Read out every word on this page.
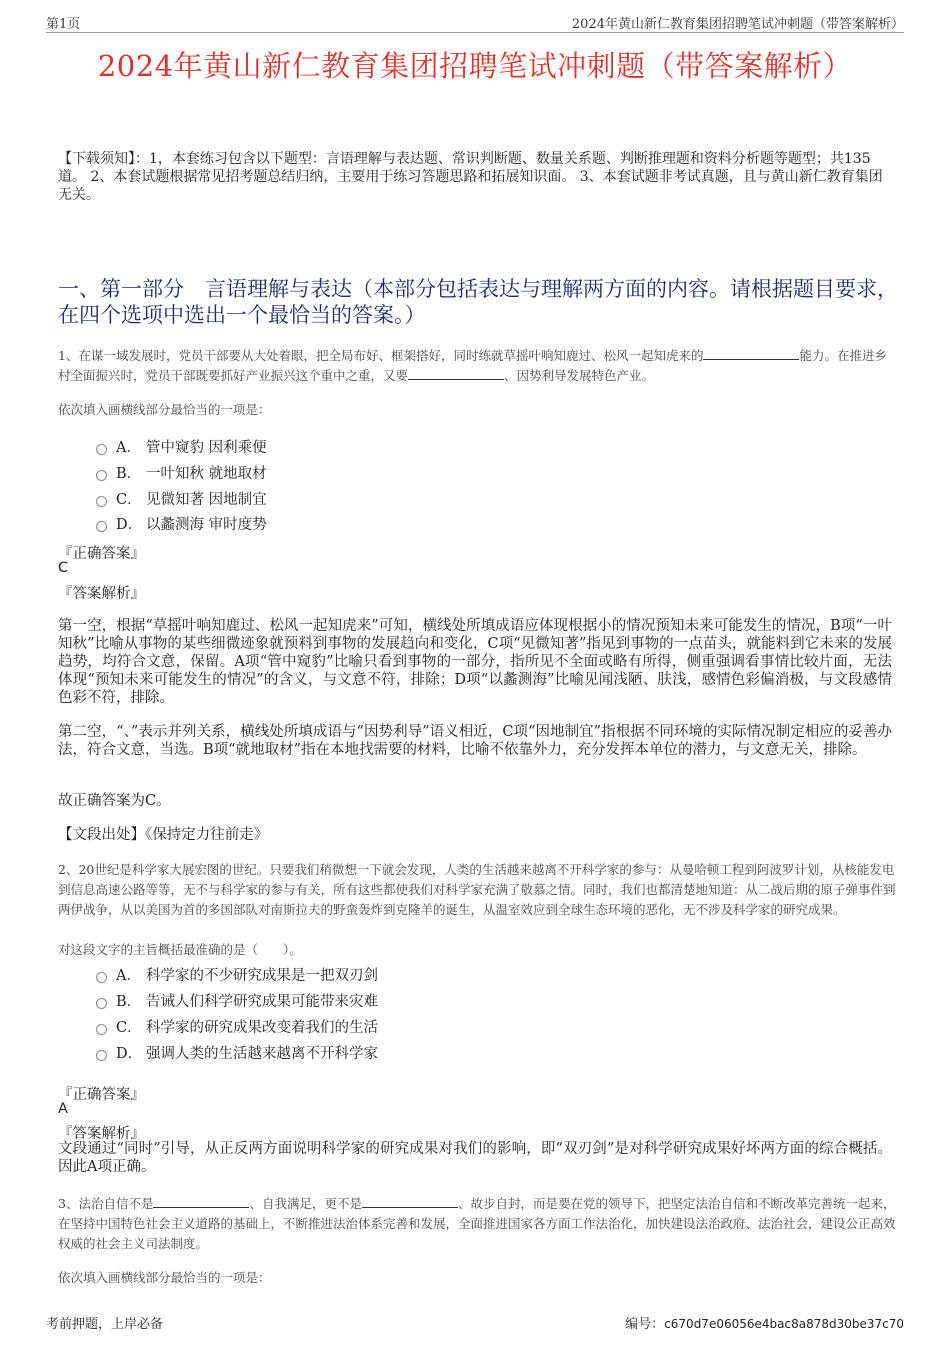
第1页	2024年黄山新仁教育集团招聘笔试冲刺题（带答案解析）
2024年黄山新仁教育集团招聘笔试冲刺题（带答案解析）
【下载须知】：1，本套练习包含以下题型：言语理解与表达题、常识判断题、数量关系题、判断推理题和资料分析题等题型；共135道。 2、本套试题根据常见招考题总结归纳，主要用于练习答题思路和拓展知识面。 3、本套试题非考试真题，且与黄山新仁教育集团无关。
一、第一部分　言语理解与表达（本部分包括表达与理解两方面的内容。请根据题目要求，在四个选项中选出一个最恰当的答案。）
1、在谋一域发展时，党员干部要从大处着眼，把全局布好、框架搭好，同时练就草摇叶响知鹿过、松风一起知虎来的	能力。在推进乡村全面振兴时，党员干部既要抓好产业振兴这个重中之重，又要	、因势利导发展特色产业。
依次填入画横线部分最恰当的一项是：
A． 管中窥豹 因利乘便
B． 一叶知秋 就地取材
C． 见微知著 因地制宜
D． 以蠡测海 审时度势
『正确答案』
C
『答案解析』
第一空，根据“草摇叶响知鹿过、松风一起知虎来”可知，横线处所填成语应体现根据小的情况预知未来可能发生的情况，B项“一叶知秋”比喻从事物的某些细微迹象就预料到事物的发展趋向和变化，C项“见微知著”指见到事物的一点苗头，就能料到它未来的发展趋势，均符合文意，保留。A项“管中窥豹”比喻只看到事物的一部分，指所见不全面或略有所得，侧重强调看事情比较片面，无法体现“预知未来可能发生的情况”的含义，与文意不符，排除；D项“以蠡测海”比喻见闻浅陋、肤浅，感情色彩偏消极，与文段感情色彩不符，排除。
第二空，“、”表示并列关系，横线处所填成语与“因势利导”语义相近，C项“因地制宜”指根据不同环境的实际情况制定相应的妥善办法，符合文意，当选。B项“就地取材”指在本地找需要的材料，比喻不依靠外力，充分发挥本单位的潜力，与文意无关，排除。
故正确答案为C。
【文段出处】《保持定力往前走》
2、20世纪是科学家大展宏图的世纪。只要我们稍微想一下就会发现，人类的生活越来越离不开科学家的参与：从曼哈顿工程到阿波罗计划，从核能发电到信息高速公路等等，无不与科学家的参与有关，所有这些都使我们对科学家充满了敬慕之情。同时，我们也都清楚地知道：从二战后期的原子弹事件到两伊战争，从以美国为首的多国部队对南斯拉夫的野蛮轰炸到克隆羊的诞生，从温室效应到全球生态环境的恶化，无不涉及科学家的研究成果。
对这段文字的主旨概括最准确的是（　　）。
A． 科学家的不少研究成果是一把双刃剑
B． 告诫人们科学研究成果可能带来灾难
C． 科学家的研究成果改变着我们的生活
D． 强调人类的生活越来越离不开科学家
『正确答案』
A
『答案解析』
文段通过“同时”引导，从正反两方面说明科学家的研究成果对我们的影响，即“双刃剑”是对科学研究成果好坏两方面的综合概括。因此A项正确。
3、法治自信不是	、自我满足，更不是	、故步自封，而是要在党的领导下，把坚定法治自信和不断改革完善统一起来，在坚持中国特色社会主义道路的基础上，不断推进法治体系完善和发展，全面推进国家各方面工作法治化，加快建设法治政府、法治社会，建设公正高效权威的社会主义司法制度。
依次填入画横线部分最恰当的一项是：
考前押题，上岸必备	编号：c670d7e06056e4bac8a878d30be37c70
